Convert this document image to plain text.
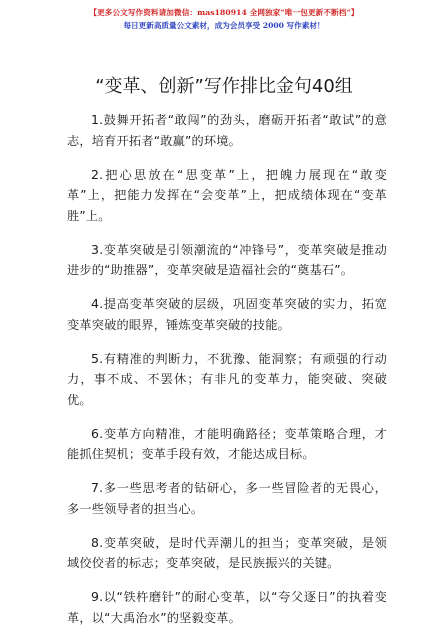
【更多公文写作资料请加微信：mas180914 全网独家“唯一包更新不断档”】
每日更新高质量公文素材，成为会员享受 2000 写作素材！
“变革、创新”写作排比金句40组

1.鼓舞开拓者“敢闯”的劲头，磨砺开拓者“敢试”的意志，培育开拓者“敢赢”的环境。

2.把心思放在“思变革”上，把魄力展现在“敢变革”上，把能力发挥在“会变革”上，把成绩体现在“变革胜”上。

3.变革突破是引领潮流的“冲锋号”，变革突破是推动进步的“助推器”，变革突破是造福社会的“奠基石”。

4.提高变革突破的层级，巩固变革突破的实力，拓宽变革突破的眼界，锤炼变革突破的技能。

5.有精准的判断力，不犹豫、能洞察；有顽强的行动力，事不成、不罢休；有非凡的变革力，能突破、突破优。

6.变革方向精准，才能明确路径；变革策略合理，才能抓住契机；变革手段有效，才能达成目标。

7.多一些思考者的钻研心，多一些冒险者的无畏心，多一些领导者的担当心。

8.变革突破，是时代弄潮儿的担当；变革突破，是领域佼佼者的标志；变革突破，是民族振兴的关键。

9.以“铁杵磨针”的耐心变革，以“夸父逐日”的执着变革，以“大禹治水”的坚毅变革。
